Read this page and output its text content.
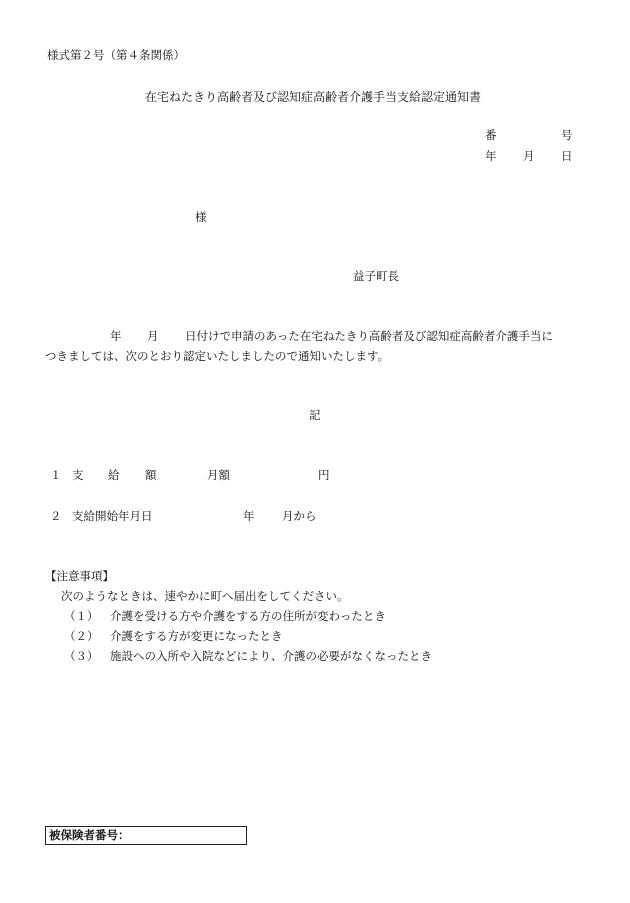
様式第２号（第４条関係）
在宅ねたきり高齢者及び認知症高齢者介護手当支給認定通知書
番	号
年 月 日
様
益子町長
年 月 日付けで申請のあった在宅ねたきり高齢者及び認知症高齢者介護手当に
つきましては、次のとおり認定いたしましたので通知いたします。
記
１ 支 給 額	月額	円
２ 支給開始年月日	年 月から
【注意事項】
次のようなときは、速やかに町へ届出をしてください。
（１） 介護を受ける方や介護をする方の住所が変わったとき
（２） 介護をする方が変更になったとき
（３） 施設への入所や入院などにより、介護の必要がなくなったとき
被保険者番号：
